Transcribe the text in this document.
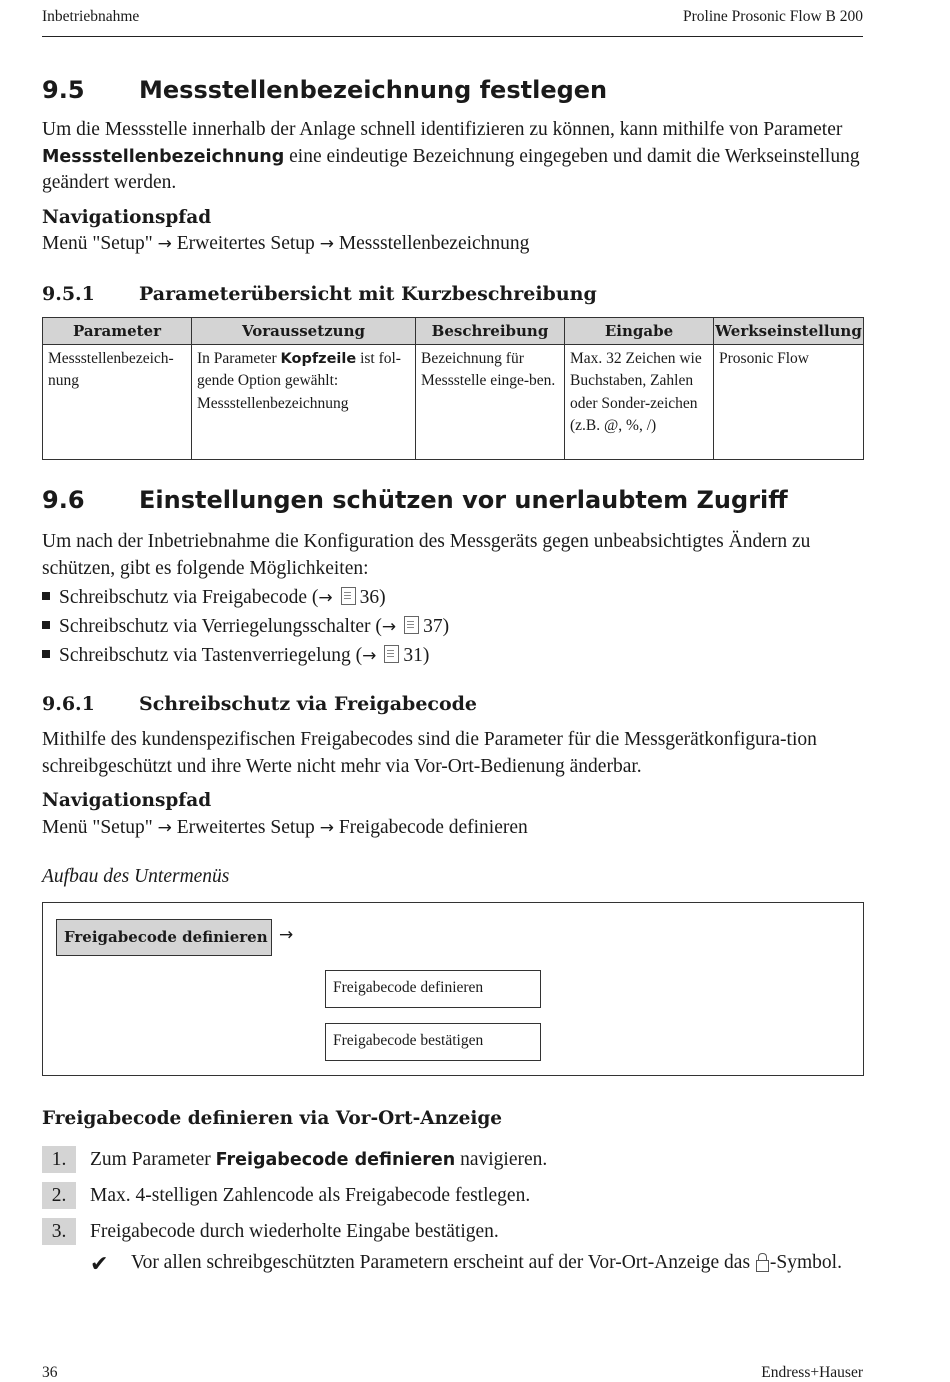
Inbetriebnahme	Proline Prosonic Flow B 200
9.5 Messstellenbezeichnung festlegen
Um die Messstelle innerhalb der Anlage schnell identifizieren zu können, kann mithilfe von Parameter Messstellenbezeichnung eine eindeutige Bezeichnung eingegeben und damit die Werkseinstellung geändert werden.
Navigationspfad
Menü "Setup" → Erweitertes Setup → Messstellenbezeichnung
9.5.1 Parameterübersicht mit Kurzbeschreibung
Parameter	Voraussetzung	Beschreibung	Eingabe	Werkseinstellung
Messstellenbezeich-nung	In Parameter Kopfzeile ist fol-gende Option gewählt: Messstellenbezeichnung	Bezeichnung für Messstelle einge-ben.	Max. 32 Zeichen wie Buchstaben, Zahlen oder Sonder-zeichen (z.B. @, %, /)	Prosonic Flow
9.6 Einstellungen schützen vor unerlaubtem Zugriff
Um nach der Inbetriebnahme die Konfiguration des Messgeräts gegen unbeabsichtigtes Ändern zu schützen, gibt es folgende Möglichkeiten:
Schreibschutz via Freigabecode (→ 36)
Schreibschutz via Verriegelungsschalter (→ 37)
Schreibschutz via Tastenverriegelung (→ 31)
9.6.1 Schreibschutz via Freigabecode
Mithilfe des kundenspezifischen Freigabecodes sind die Parameter für die Messgerätkonfigura-tion schreibgeschützt und ihre Werte nicht mehr via Vor-Ort-Bedienung änderbar.
Navigationspfad
Menü "Setup" → Erweitertes Setup → Freigabecode definieren
Aufbau des Untermenüs
Freigabecode definieren →
Freigabecode definieren
Freigabecode bestätigen
Freigabecode definieren via Vor-Ort-Anzeige
1.	Zum Parameter Freigabecode definieren navigieren.
2.	Max. 4-stelligen Zahlencode als Freigabecode festlegen.
3.	Freigabecode durch wiederholte Eingabe bestätigen.
✔ Vor allen schreibgeschützten Parametern erscheint auf der Vor-Ort-Anzeige das -Symbol.
36	Endress+Hauser
